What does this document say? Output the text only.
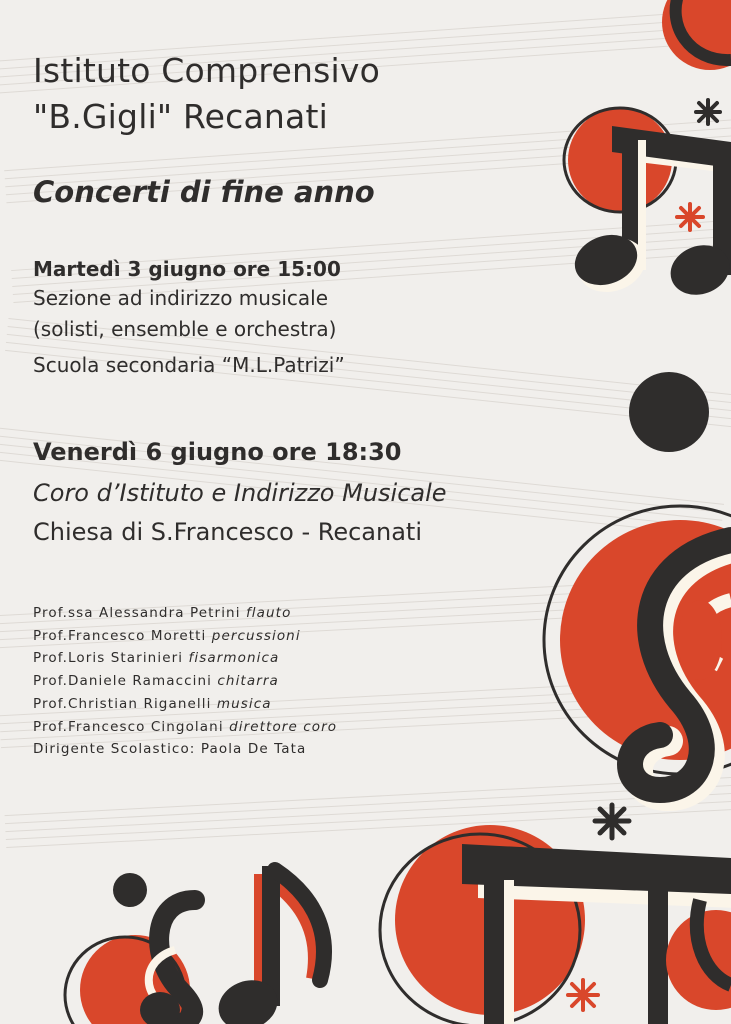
Istituto Comprensivo
"B.Gigli" Recanati
Concerti di fine anno
Martedì 3 giugno ore 15:00
Sezione ad indirizzo musicale
(solisti, ensemble e orchestra)
Scuola secondaria “M.L.Patrizi”
Venerdì 6 giugno ore 18:30
Coro d’Istituto e Indirizzo Musicale
Chiesa di S.Francesco - Recanati
Prof.ssa Alessandra Petrini flauto
Prof.Francesco Moretti percussioni
Prof.Loris Starinieri fisarmonica
Prof.Daniele Ramaccini chitarra
Prof.Christian Riganelli musica
Prof.Francesco Cingolani direttore coro
Dirigente Scolastico: Paola De Tata
